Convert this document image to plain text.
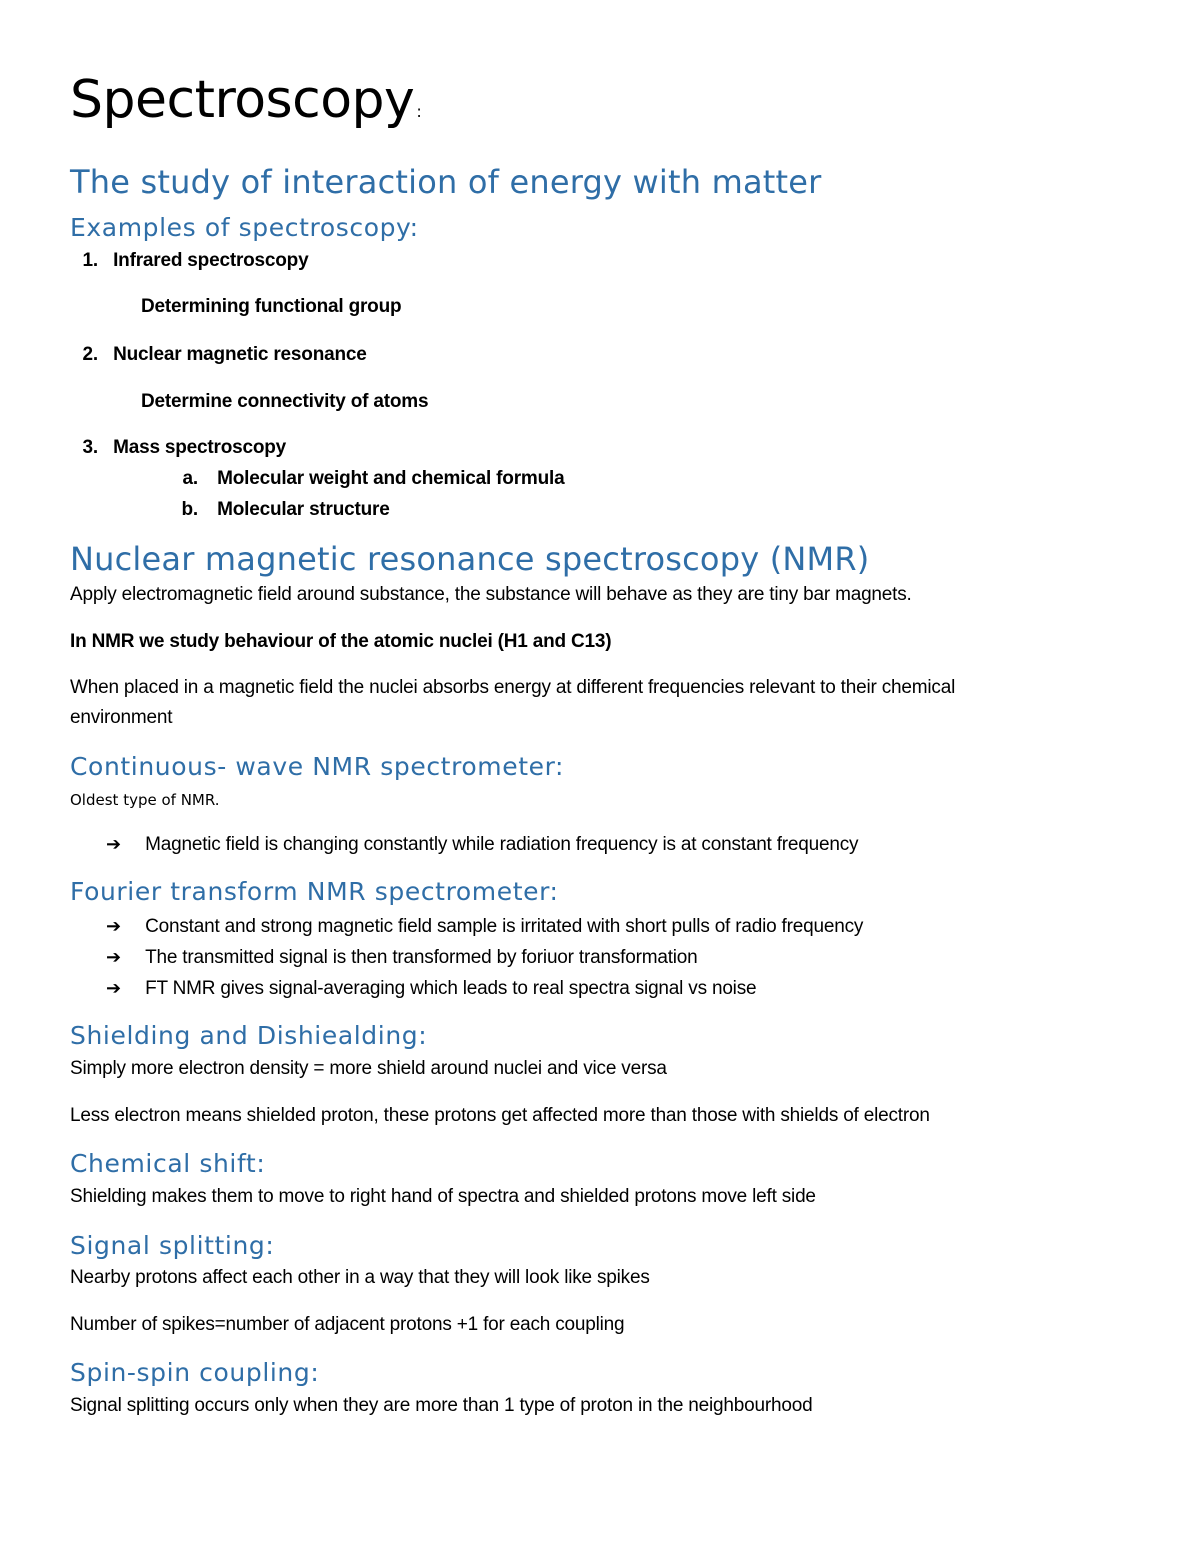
Spectroscopy :
The study of interaction of energy with matter
Examples of spectroscopy:
1. Infrared spectroscopy
Determining functional group
2. Nuclear magnetic resonance
Determine connectivity of atoms
3. Mass spectroscopy
a. Molecular weight and chemical formula
b. Molecular structure
Nuclear magnetic resonance spectroscopy (NMR)
Apply electromagnetic field around substance, the substance will behave as they are tiny bar magnets.
In NMR we study behaviour of the atomic nuclei (H1 and C13)
When placed in a magnetic field the nuclei absorbs energy at different frequencies relevant to their chemical
environment
Continuous- wave NMR spectrometer:
Oldest type of NMR.
➔ Magnetic field is changing constantly while radiation frequency is at constant frequency
Fourier transform NMR spectrometer:
➔ Constant and strong magnetic field sample is irritated with short pulls of radio frequency
➔ The transmitted signal is then transformed by foriuor transformation
➔ FT NMR gives signal-averaging which leads to real spectra signal vs noise
Shielding and Dishiealding:
Simply more electron density = more shield around nuclei and vice versa
Less electron means shielded proton, these protons get affected more than those with shields of electron
Chemical shift:
Shielding makes them to move to right hand of spectra and shielded protons move left side
Signal splitting:
Nearby protons affect each other in a way that they will look like spikes
Number of spikes=number of adjacent protons +1 for each coupling
Spin-spin coupling:
Signal splitting occurs only when they are more than 1 type of proton in the neighbourhood
